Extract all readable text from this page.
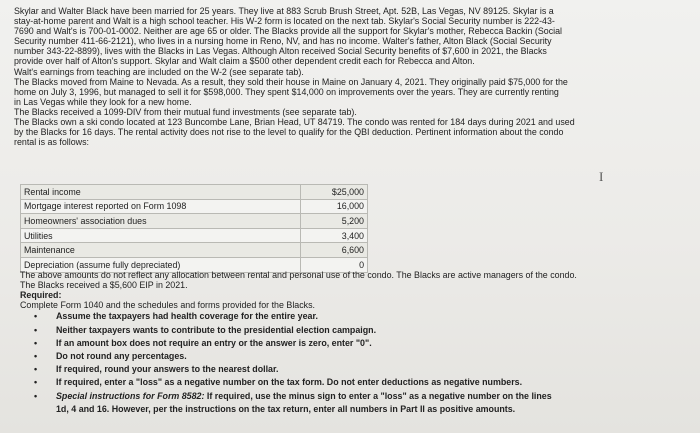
Skylar and Walter Black have been married for 25 years. They live at 883 Scrub Brush Street, Apt. 52B, Las Vegas, NV 89125. Skylar is a

stay-at-home parent and Walt is a high school teacher. His W-2 form is located on the next tab. Skylar's Social Security number is 222-43-

7690 and Walt's is 700-01-0002. Neither are age 65 or older. The Blacks provide all the support for Skylar's mother, Rebecca Backin (Social

Security number 411-66-2121), who lives in a nursing home in Reno, NV, and has no income. Walter's father, Alton Black (Social Security

number 343-22-8899), lives with the Blacks in Las Vegas. Although Alton received Social Security benefits of $7,600 in 2021, the Blacks

provide over half of Alton's support. Skylar and Walt claim a $500 other dependent credit each for Rebecca and Alton.

Walt's earnings from teaching are included on the W-2 (see separate tab).

The Blacks moved from Maine to Nevada. As a result, they sold their house in Maine on January 4, 2021. They originally paid $75,000 for the

home on July 3, 1996, but managed to sell it for $598,000. They spent $14,000 on improvements over the years. They are currently renting

in Las Vegas while they look for a new home.

The Blacks received a 1099-DIV from their mutual fund investments (see separate tab).

The Blacks own a ski condo located at 123 Buncombe Lane, Brian Head, UT 84719. The condo was rented for 184 days during 2021 and used

by the Blacks for 16 days. The rental activity does not rise to the level to qualify for the QBI deduction. Pertinent information about the condo

rental is as follows:

I
Rental income	$25,000
Mortgage interest reported on Form 1098	16,000
Homeowners' association dues	5,200
Utilities	3,400
Maintenance	6,600
Depreciation (assume fully depreciated)	0

The above amounts do not reflect any allocation between rental and personal use of the condo. The Blacks are active managers of the condo.

The Blacks received a $5,600 EIP in 2021.

Required:

Complete Form 1040 and the schedules and forms provided for the Blacks.

• Assume the taxpayers had health coverage for the entire year.
• Neither taxpayers wants to contribute to the presidential election campaign.
• If an amount box does not require an entry or the answer is zero, enter "0".
• Do not round any percentages.
• If required, round your answers to the nearest dollar.
• If required, enter a "loss" as a negative number on the tax form. Do not enter deductions as negative numbers.
• Special instructions for Form 8582: If required, use the minus sign to enter a "loss" as a negative number on the lines
1d, 4 and 16. However, per the instructions on the tax return, enter all numbers in Part II as positive amounts.
